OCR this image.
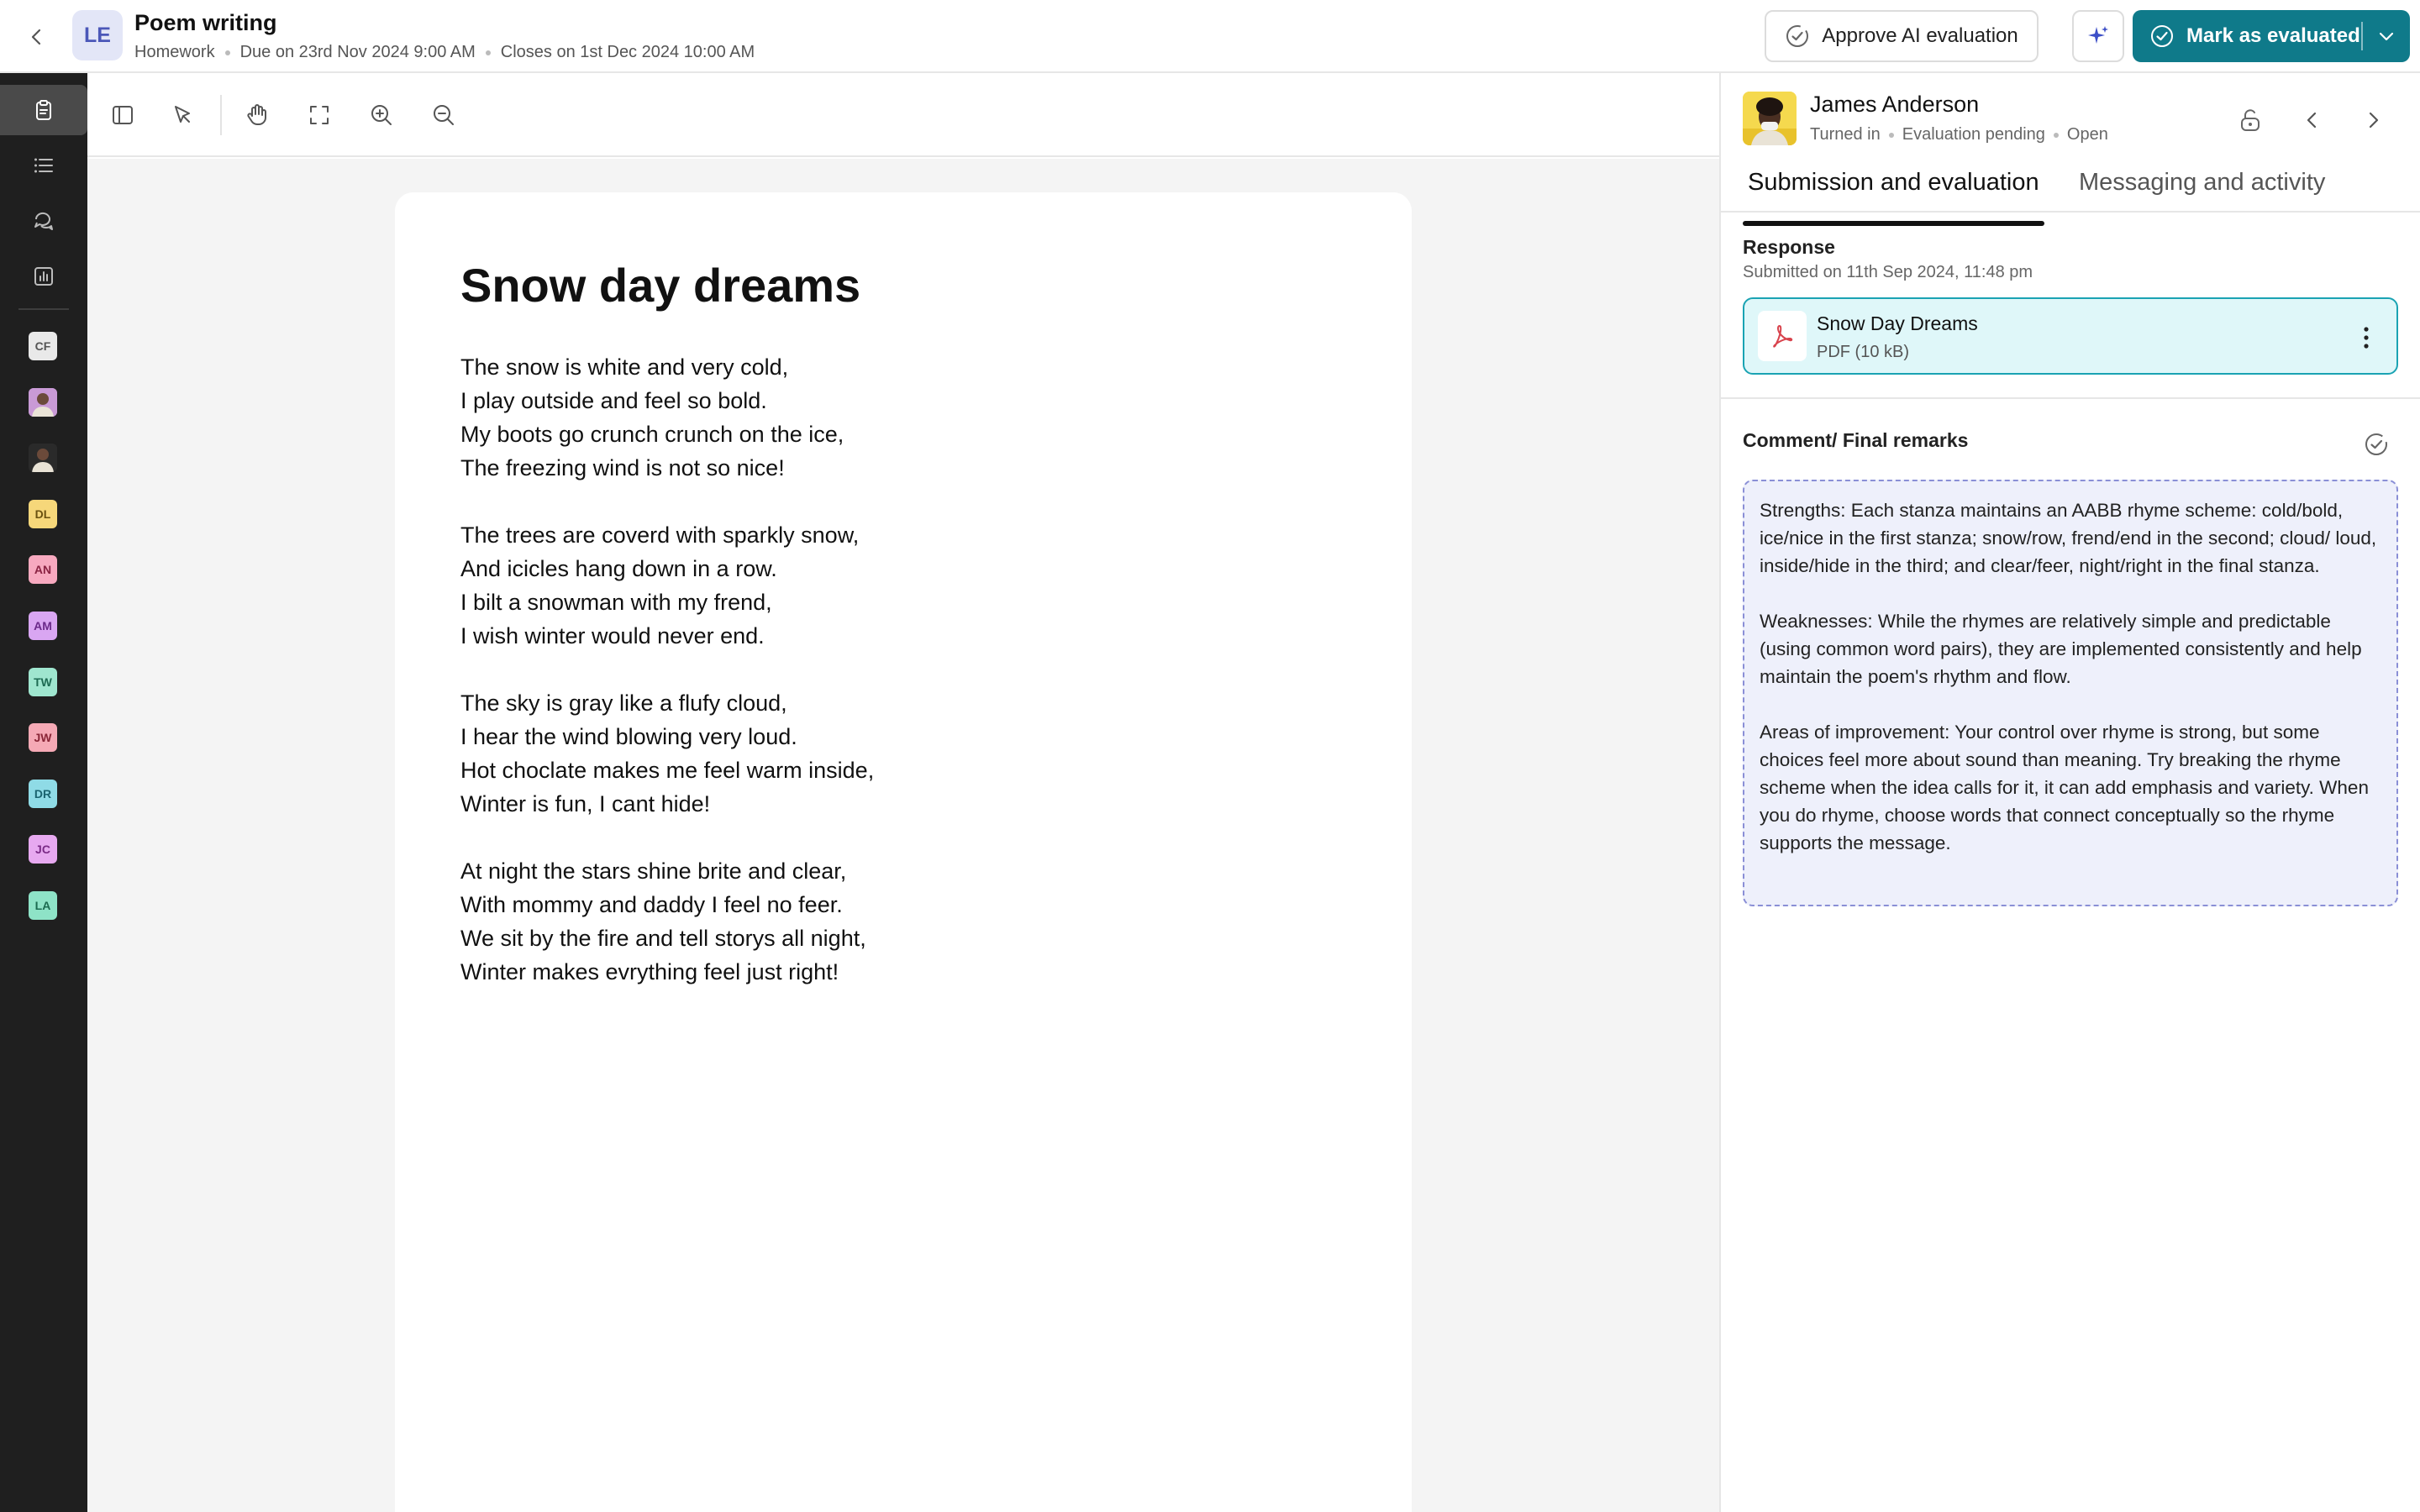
LE	Poem writing
Homework Due on 23rd Nov 2024 9:00 AM Closes on 1st Dec 2024 10:00 AM
Approve AI evaluation	Mark as evaluated
CF
DL
AN
AM
TW
JW
DR
JC
LA
Snow day dreams
The snow is white and very cold,
I play outside and feel so bold.
My boots go crunch crunch on the ice,
The freezing wind is not so nice!
The trees are coverd with sparkly snow,
And icicles hang down in a row.
I bilt a snowman with my frend,
I wish winter would never end.
The sky is gray like a flufy cloud,
I hear the wind blowing very loud.
Hot choclate makes me feel warm inside,
Winter is fun, I cant hide!
At night the stars shine brite and clear,
With mommy and daddy I feel no feer.
We sit by the fire and tell storys all night,
Winter makes evrything feel just right!
James Anderson
Turned in Evaluation pending Open
Submission and evaluation Messaging and activity
Response
Submitted on 11th Sep 2024, 11:48 pm
Snow Day Dreams
PDF (10 kB)
Comment/ Final remarks

Strengths: Each stanza maintains an AABB rhyme scheme: cold/bold, ice/nice in the first stanza; snow/row, frend/end in the second; cloud/ loud, inside/hide in the third; and clear/feer, night/right in the final stanza.

Weaknesses: While the rhymes are relatively simple and predictable (using common word pairs), they are implemented consistently and help maintain the poem's rhythm and flow.

Areas of improvement: Your control over rhyme is strong, but some choices feel more about sound than meaning. Try breaking the rhyme scheme when the idea calls for it, it can add emphasis and variety. When you do rhyme, choose words that connect conceptually so the rhyme supports the message.
